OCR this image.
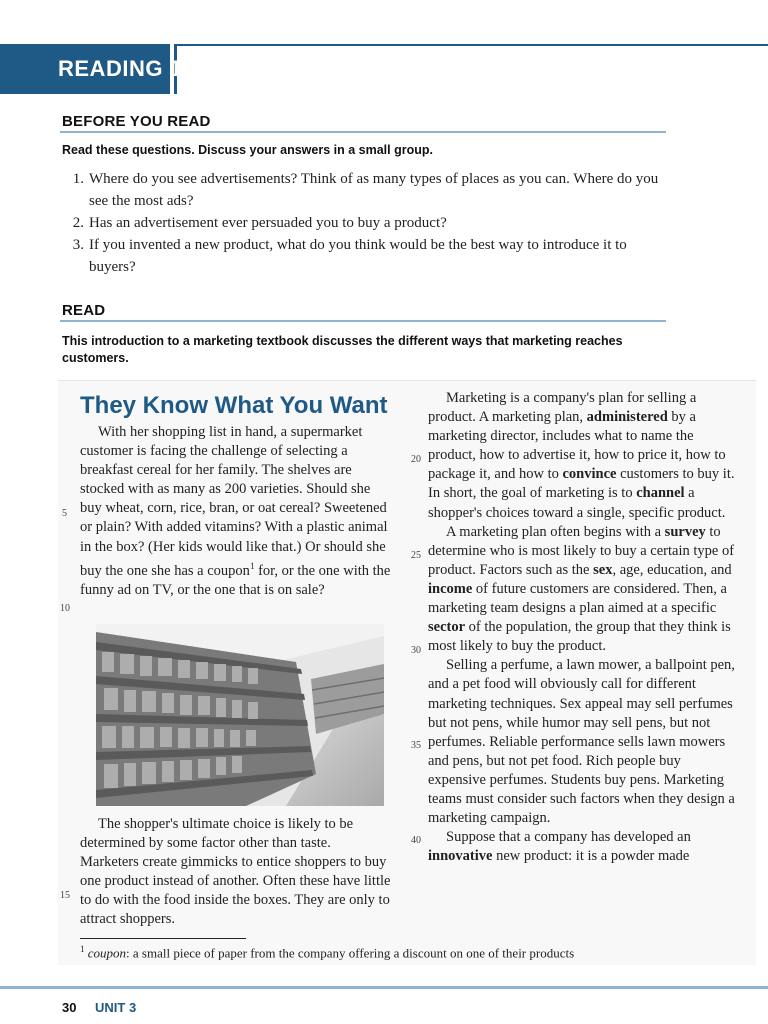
READING 1
BEFORE YOU READ
Read these questions. Discuss your answers in a small group.
1. Where do you see advertisements? Think of as many types of places as you can. Where do you see the most ads?
2. Has an advertisement ever persuaded you to buy a product?
3. If you invented a new product, what do you think would be the best way to introduce it to buyers?
READ
This introduction to a marketing textbook discusses the different ways that marketing reaches customers.
They Know What You Want

With her shopping list in hand, a supermarket customer is facing the challenge of selecting a breakfast cereal for her family. The shelves are stocked with as many as 200 varieties. Should she buy wheat, corn, rice, bran, or oat cereal? Sweetened or plain? With added vitamins? With a plastic animal in the box? (Her kids would like that.) Or should she buy the one she has a coupon$^1$ for, or the one with the funny ad on TV, or the one that is on sale?

The shopper's ultimate choice is likely to be determined by some factor other than taste. Marketers create gimmicks to entice shoppers to buy one product instead of another. Often these have little to do with the food inside the boxes. They are only to attract shoppers.

Marketing is a company's plan for selling a product. A marketing plan, administered by a marketing director, includes what to name the product, how to advertise it, how to price it, how to package it, and how to convince customers to buy it. In short, the goal of marketing is to channel a shopper's choices toward a single, specific product.

A marketing plan often begins with a survey to determine who is most likely to buy a certain type of product. Factors such as the sex, age, education, and income of future customers are considered. Then, a marketing team designs a plan aimed at a specific sector of the population, the group that they think is most likely to buy the product.

Selling a perfume, a lawn mower, a ballpoint pen, and a pet food will obviously call for different marketing techniques. Sex appeal may sell perfumes but not pens, while humor may sell pens, but not perfumes. Reliable performance sells lawn mowers and pens, but not pet food. Rich people buy expensive perfumes. Students buy pens. Marketing teams must consider such factors when they design a marketing campaign.

Suppose that a company has developed an innovative new product: it is a powder made

5
10
15
20
25
30
35
40
$^1$ coupon: a small piece of paper from the company offering a discount on one of their products
30 UNIT 3
